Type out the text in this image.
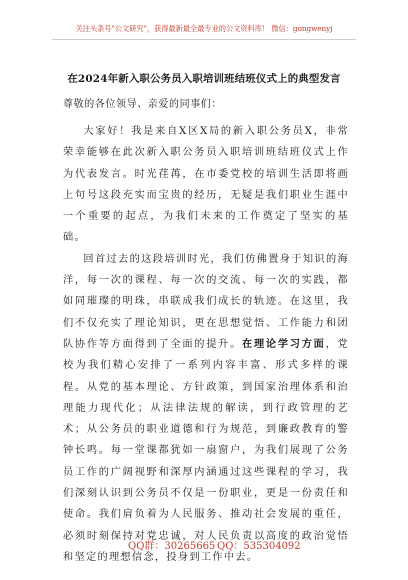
关注头条号"公文研究"，获得最新最全最专业的公文资料库！ 微信：gongwenyj
在2024年新入职公务员入职培训班结班仪式上的典型发言
尊敬的各位领导、亲爱的同事们：

大家好！我是来自X区X局的新入职公务员X，非常荣幸能够在此次新入职公务员入职培训班结班仪式上作为代表发言。时光荏苒，在市委党校的培训生活即将画上句号这段充实而宝贵的经历，无疑是我们职业生涯中一个重要的起点，为我们未来的工作奠定了坚实的基础。

回首过去的这段培训时光，我们仿佛置身于知识的海洋，每一次的课程、每一次的交流、每一次的实践，都如同璀璨的明珠，串联成我们成长的轨迹。在这里，我们不仅充实了理论知识，更在思想觉悟、工作能力和团队协作等方面得到了全面的提升。在理论学习方面，党校为我们精心安排了一系列内容丰富、形式多样的课程。从党的基本理论、方针政策，到国家治理体系和治理能力现代化；从法律法规的解读，到行政管理的艺术；从公务员的职业道德和行为规范，到廉政教育的警钟长鸣。每一堂课都犹如一扇窗户，为我们展现了公务员工作的广阔视野和深厚内涵通过这些课程的学习，我们深刻认识到公务员不仅是一份职业，更是一份责任和使命。我们肩负着为人民服务、推动社会发展的重任，必须时刻保持对党忠诚，对人民负责以高度的政治觉悟和坚定的理想信念，投身到工作中去。

QQ群：30265665 QQ：535304092
